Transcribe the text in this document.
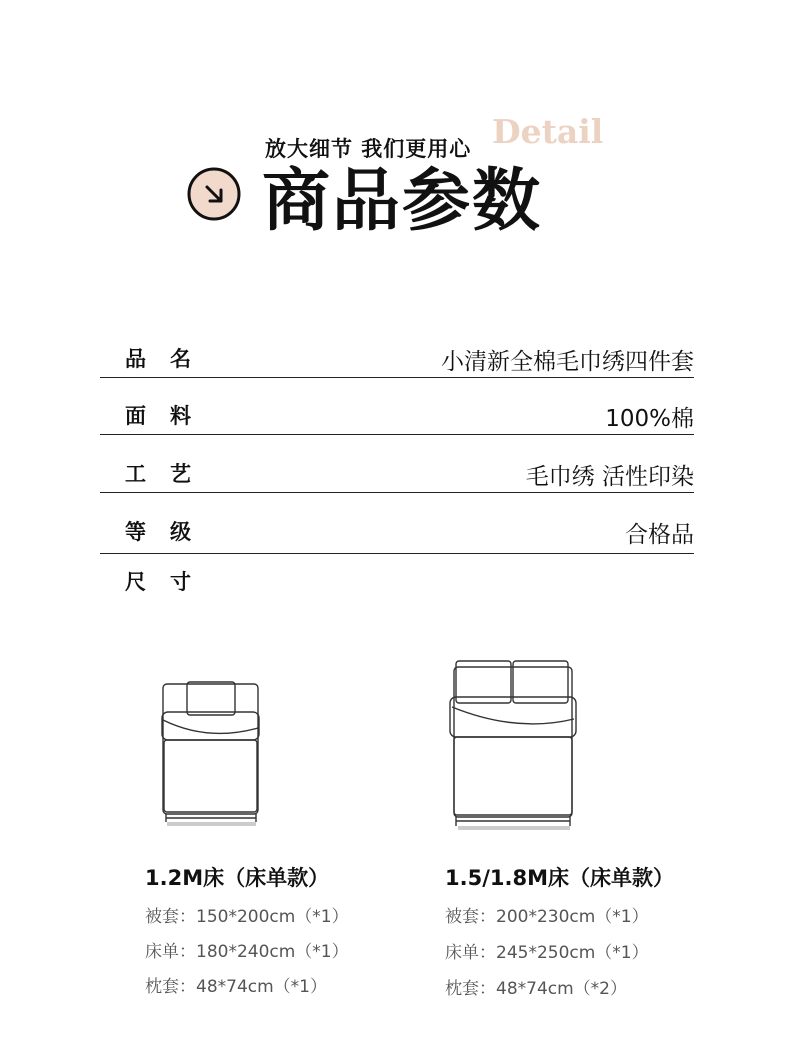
放大细节 我们更用心 Detail
商品参数
品名	小清新全棉毛巾绣四件套
面料	100%棉
工艺	毛巾绣 活性印染
等级	合格品
尺寸
1.2M床（床单款）
被套：150*200cm（*1）
床单：180*240cm（*1）
枕套：48*74cm（*1）
1.5/1.8M床（床单款）
被套：200*230cm（*1）
床单：245*250cm（*1）
枕套：48*74cm（*2）
